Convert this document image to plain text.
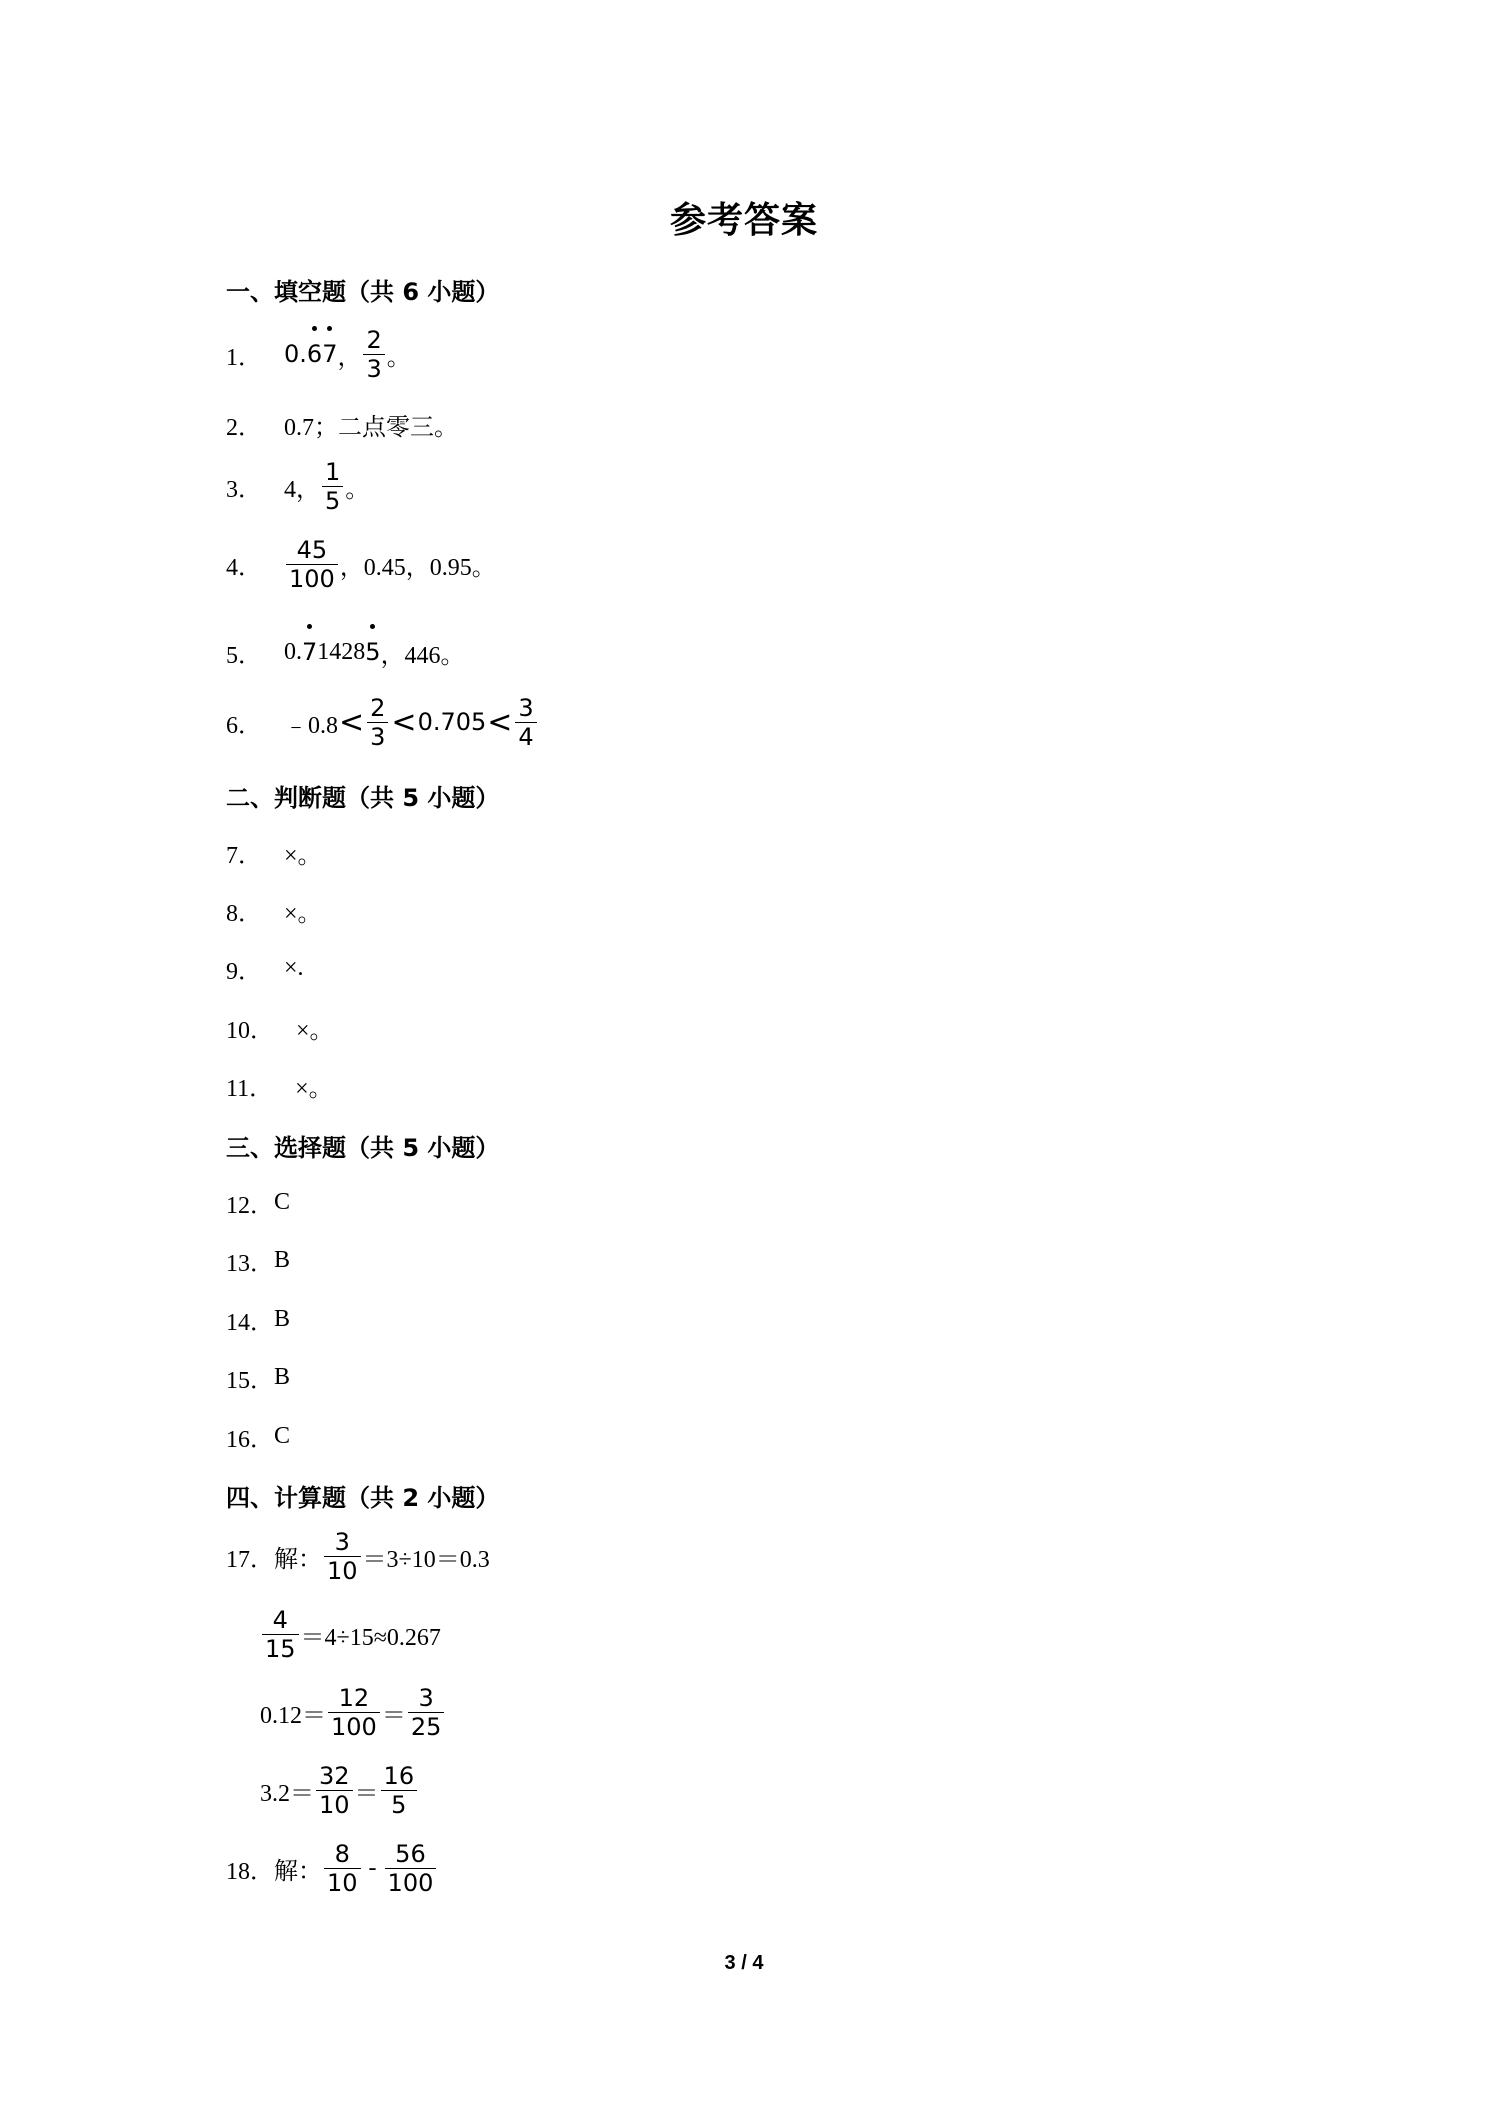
参考答案
一、填空题（共 6 小题）
1． 0.
6
7 ， $\frac{2}{3}$ 。
2． 0.7；二点零三。
3． 4， $\frac{1}{5}$ 。
4． $\frac{45}{100}$ ，0.45，0.95。
5． 0. 7 1428 5 ，446。
6． ﹣0.8 < $\frac{2}{3} < 0.705 < \frac{3}{4}$
二、判断题（共 5 小题）
7． ×。
8． ×。
9． ×.
10． ×。
11． ×。
三、选择题（共 5 小题）
12． C
13． B
14． B
15． B
16． C
四、计算题（共 2 小题）
17． 解： $\frac{3}{10} =3\div 10=0.3$
$\frac{4}{15} =4\div 15\approx 0.267$
$0.12= \frac{12}{100} = \frac{3}{25}$
$3.2= \frac{32}{10} = \frac{16}{5}$
18． 解： $\frac{8}{10} - \frac{56}{100}$
3 / 4
